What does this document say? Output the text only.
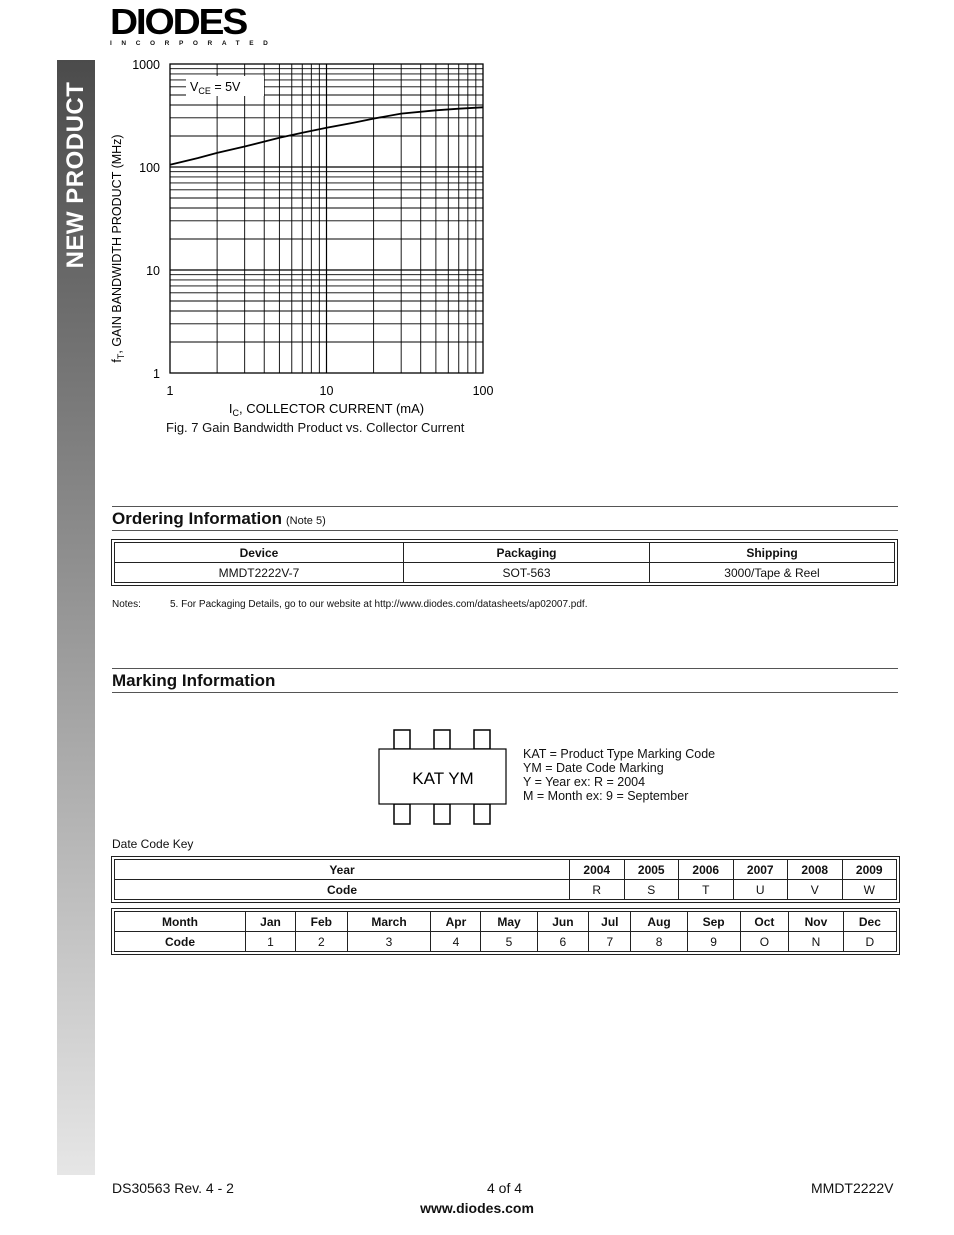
NEW PRODUCT
DIODES
INCORPORATED
$V_{CE} = 5V$
1
10
100
1000
1	10	100
$I_C$, COLLECTOR CURRENT (mA)
$f_T$, GAIN BANDWIDTH PRODUCT (MHz)
Fig. 7 Gain Bandwidth Product vs. Collector Current
Ordering Information (Note 5)
Device	Packaging	Shipping
MMDT2222V-7	SOT-563	3000/Tape & Reel
Notes:	5. For Packaging Details, go to our website at http://www.diodes.com/datasheets/ap02007.pdf.
Marking Information
KAT YM
KAT = Product Type Marking Code
YM = Date Code Marking
Y = Year ex: R = 2004
M = Month ex: 9 = September
Date Code Key
Year	2004	2005	2006	2007	2008	2009
Code	R	S	T	U	V	W
Month	Jan	Feb	March	Apr	May	Jun	Jul	Aug	Sep	Oct	Nov	Dec
Code	1	2	3	4	5	6	7	8	9	O	N	D
DS30563 Rev. 4 - 2	4 of 4	MMDT2222V
www.diodes.com
